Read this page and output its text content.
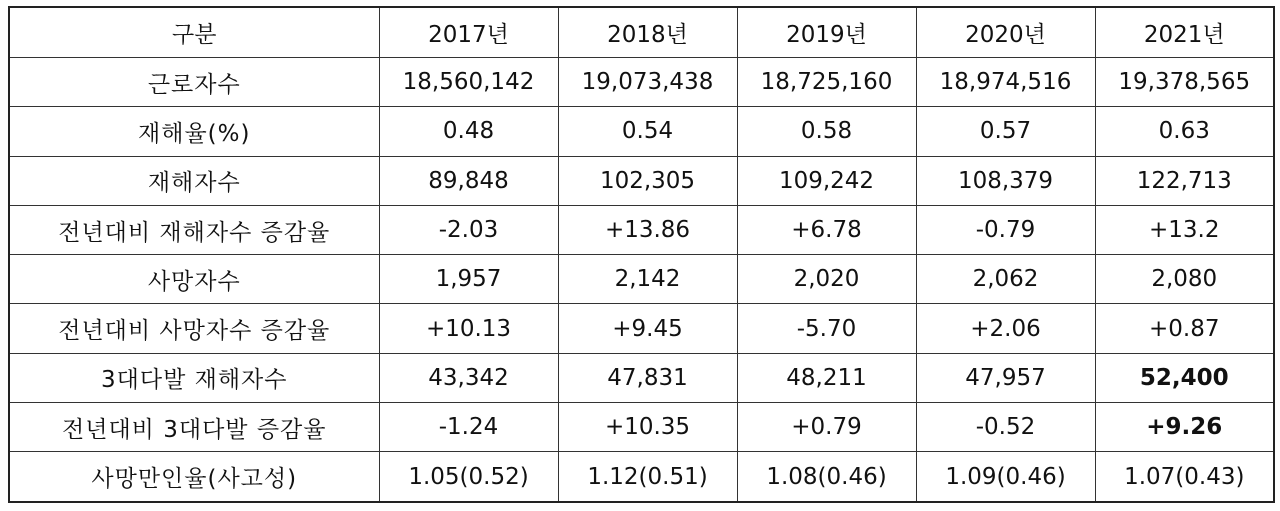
구분	2017년	2018년	2019년	2020년	2021년
근로자수	18,560,142	19,073,438	18,725,160	18,974,516	19,378,565
재해율(%)	0.48	0.54	0.58	0.57	0.63
재해자수	89,848	102,305	109,242	108,379	122,713
전년대비 재해자수 증감율	-2.03	+13.86	+6.78	-0.79	+13.2
사망자수	1,957	2,142	2,020	2,062	2,080
전년대비 사망자수 증감율	+10.13	+9.45	-5.70	+2.06	+0.87
3대다발 재해자수	43,342	47,831	48,211	47,957	52,400
전년대비 3대다발 증감율	-1.24	+10.35	+0.79	-0.52	+9.26
사망만인율(사고성)	1.05(0.52)	1.12(0.51)	1.08(0.46)	1.09(0.46)	1.07(0.43)
